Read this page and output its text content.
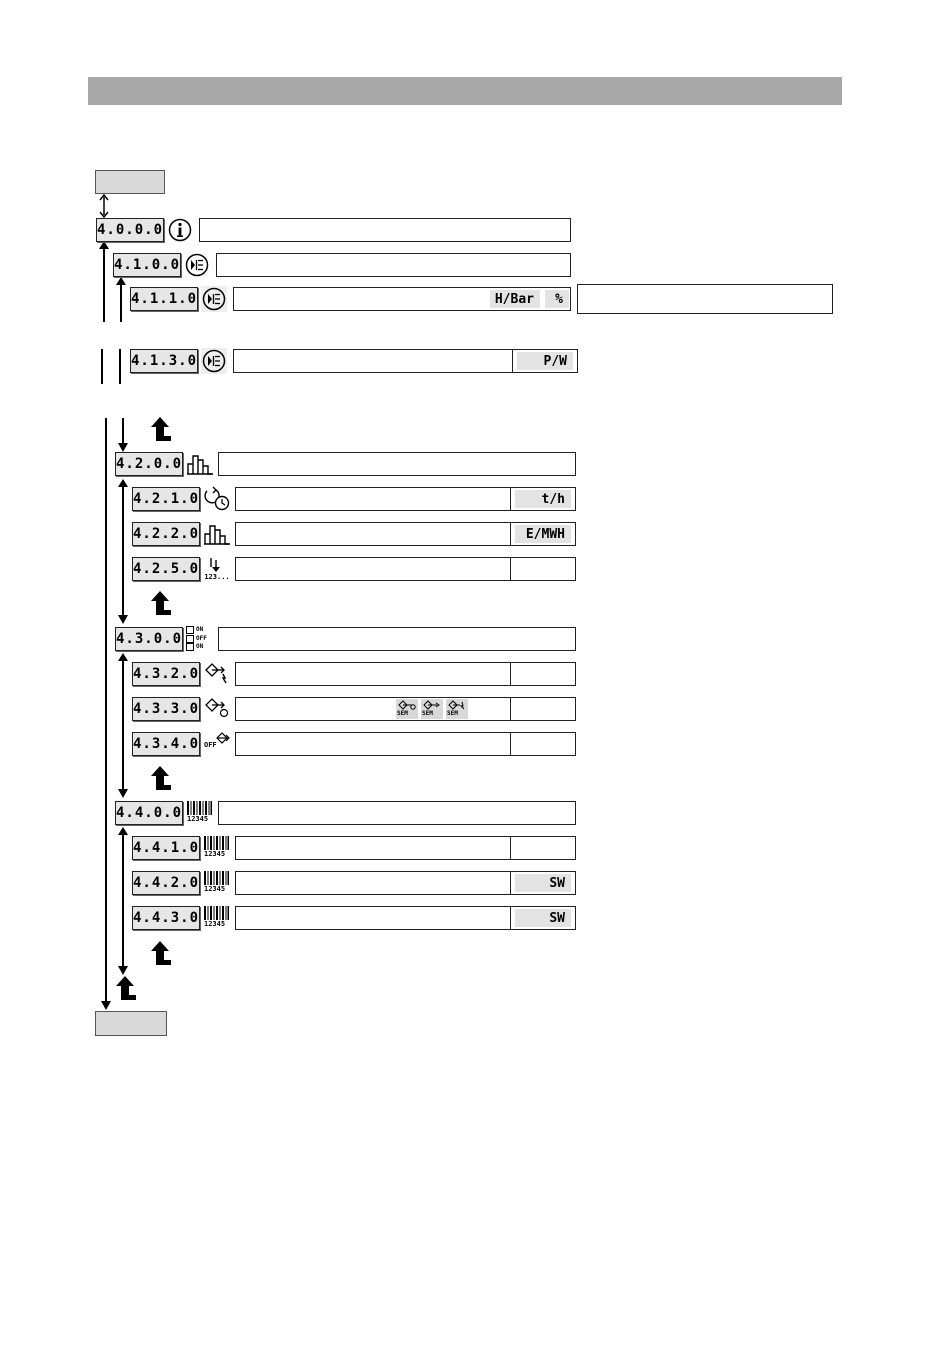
4.0.0.0
4.1.0.0
4.1.1.0	H/Bar	%
4.1.3.0	P/W
4.2.0.0
4.2.1.0	t/h
4.2.2.0	E/MWH
4.2.5.0 123...
4.3.0.0
ON
OFF
ON
4.3.2.0
4.3.3.0	SEM SEM SEM
4.3.4.0 OFF
4.4.0.0 12345
4.4.1.0 12345
4.4.2.0 12345	SW
4.4.3.0 12345	SW
